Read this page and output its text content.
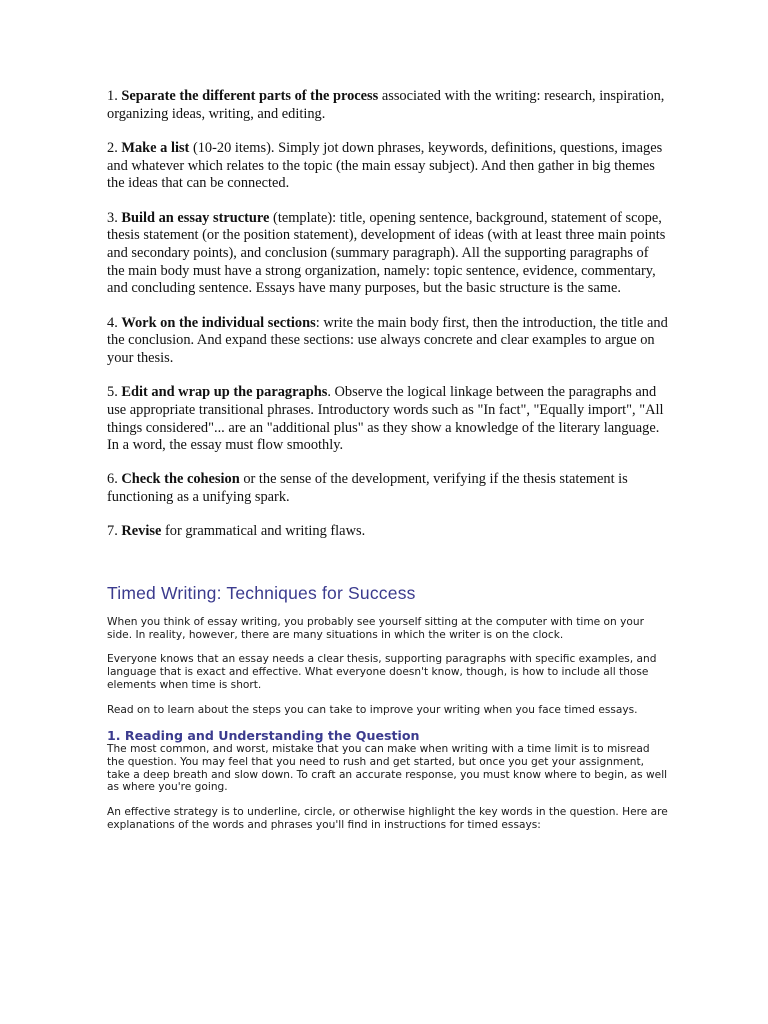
1. Separate the different parts of the process associated with the writing: research, inspiration, organizing ideas, writing, and editing.

2. Make a list (10-20 items). Simply jot down phrases, keywords, definitions, questions, images and whatever which relates to the topic (the main essay subject). And then gather in big themes the ideas that can be connected.

3. Build an essay structure (template): title, opening sentence, background, statement of scope, thesis statement (or the position statement), development of ideas (with at least three main points and secondary points), and conclusion (summary paragraph). All the supporting paragraphs of the main body must have a strong organization, namely: topic sentence, evidence, commentary, and concluding sentence. Essays have many purposes, but the basic structure is the same.

4. Work on the individual sections: write the main body first, then the introduction, the title and the conclusion. And expand these sections: use always concrete and clear examples to argue on your thesis.

5. Edit and wrap up the paragraphs. Observe the logical linkage between the paragraphs and use appropriate transitional phrases. Introductory words such as "In fact", "Equally import", "All things considered"... are an "additional plus" as they show a knowledge of the literary language. In a word, the essay must flow smoothly.

6. Check the cohesion or the sense of the development, verifying if the thesis statement is functioning as a unifying spark.

7. Revise for grammatical and writing flaws.

Timed Writing: Techniques for Success

When you think of essay writing, you probably see yourself sitting at the computer with time on your side. In reality, however, there are many situations in which the writer is on the clock.

Everyone knows that an essay needs a clear thesis, supporting paragraphs with specific examples, and language that is exact and effective. What everyone doesn't know, though, is how to include all those elements when time is short.

Read on to learn about the steps you can take to improve your writing when you face timed essays.

1. Reading and Understanding the Question

The most common, and worst, mistake that you can make when writing with a time limit is to misread the question. You may feel that you need to rush and get started, but once you get your assignment, take a deep breath and slow down. To craft an accurate response, you must know where to begin, as well as where you're going.

An effective strategy is to underline, circle, or otherwise highlight the key words in the question. Here are explanations of the words and phrases you'll find in instructions for timed essays:
